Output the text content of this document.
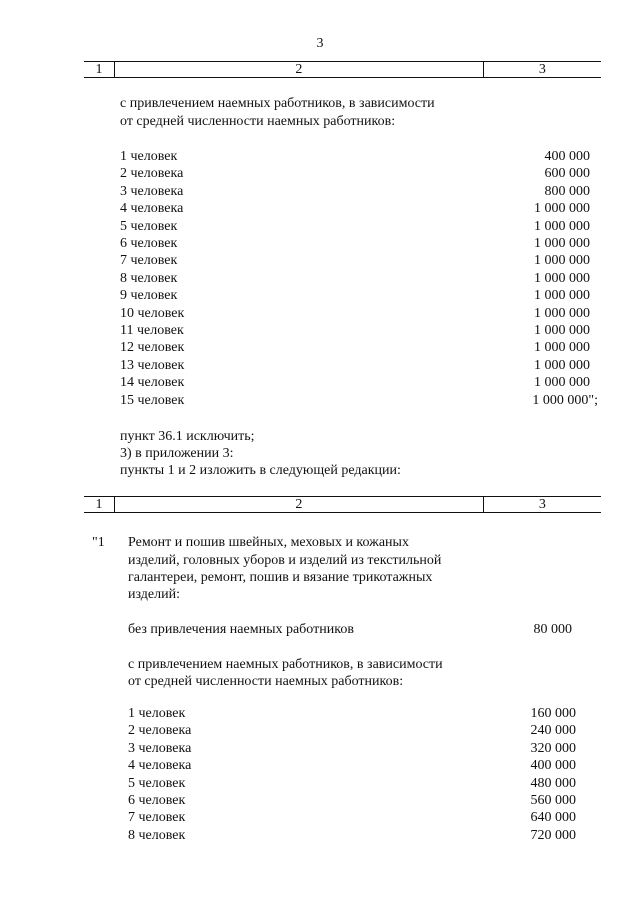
3
1	2	3
с привлечением наемных работников, в зависимости
от средней численности наемных работников:
1 человек	400 000
2 человека	600 000
3 человека	800 000
4 человека	1 000 000
5 человек	1 000 000
6 человек	1 000 000
7 человек	1 000 000
8 человек	1 000 000
9 человек	1 000 000
10 человек	1 000 000
11 человек	1 000 000
12 человек	1 000 000
13 человек	1 000 000
14 человек	1 000 000
15 человек	1 000 000";
пункт 36.1 исключить;
3) в приложении 3:
пункты 1 и 2 изложить в следующей редакции:
1	2	3
"1 Ремонт и пошив швейных, меховых и кожаных
изделий, головных уборов и изделий из текстильной
галантереи, ремонт, пошив и вязание трикотажных
изделий:
без привлечения наемных работников	80 000
с привлечением наемных работников, в зависимости
от средней численности наемных работников:
1 человек	160 000
2 человека	240 000
3 человека	320 000
4 человека	400 000
5 человек	480 000
6 человек	560 000
7 человек	640 000
8 человек	720 000
